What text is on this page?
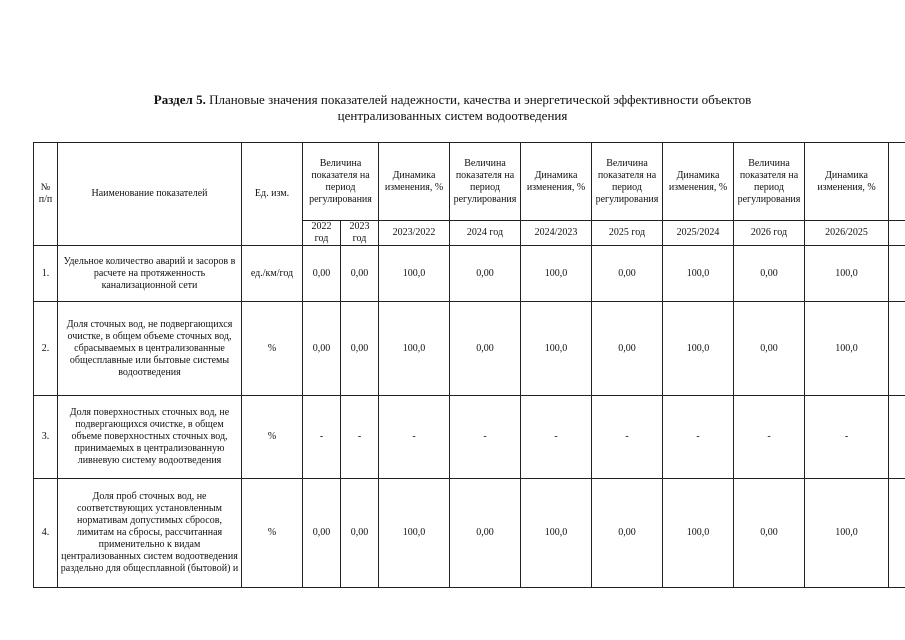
Раздел 5. Плановые значения показателей надежности, качества и энергетической эффективности объектов
централизованных систем водоотведения
№ п/п	Наименование показателей	Ед. изм.	Величина показателя на период регулирования		Динамика изменения, %	Величина показателя на период регулирования	Динамика изменения, %	Величина показателя на период регулирования	Динамика изменения, %	Величина показателя на период регулирования	Динамика изменения, %	
			2022 год	2023 год	2023/2022	2024 год	2024/2023	2025 год	2025/2024	2026 год	2026/2025	
1.	Удельное количество аварий и засоров в расчете на протяженность канализационной сети	ед./км/год	0,00	0,00	100,0	0,00	100,0	0,00	100,0	0,00	100,0	
2.	Доля сточных вод, не подвергающихся очистке, в общем объеме сточных вод, сбрасываемых в централизованные общесплавные или бытовые системы водоотведения	%	0,00	0,00	100,0	0,00	100,0	0,00	100,0	0,00	100,0	
3.	Доля поверхностных сточных вод, не подвергающихся очистке, в общем объеме поверхностных сточных вод, принимаемых в централизованную ливневую систему водоотведения	%	-	-	-	-	-	-	-	-	-	
4.	Доля проб сточных вод, не соответствующих установленным нормативам допустимых сбросов, лимитам на сбросы, рассчитанная применительно к видам централизованных систем водоотведения раздельно для общесплавной (бытовой) и	%	0,00	0,00	100,0	0,00	100,0	0,00	100,0	0,00	100,0	
